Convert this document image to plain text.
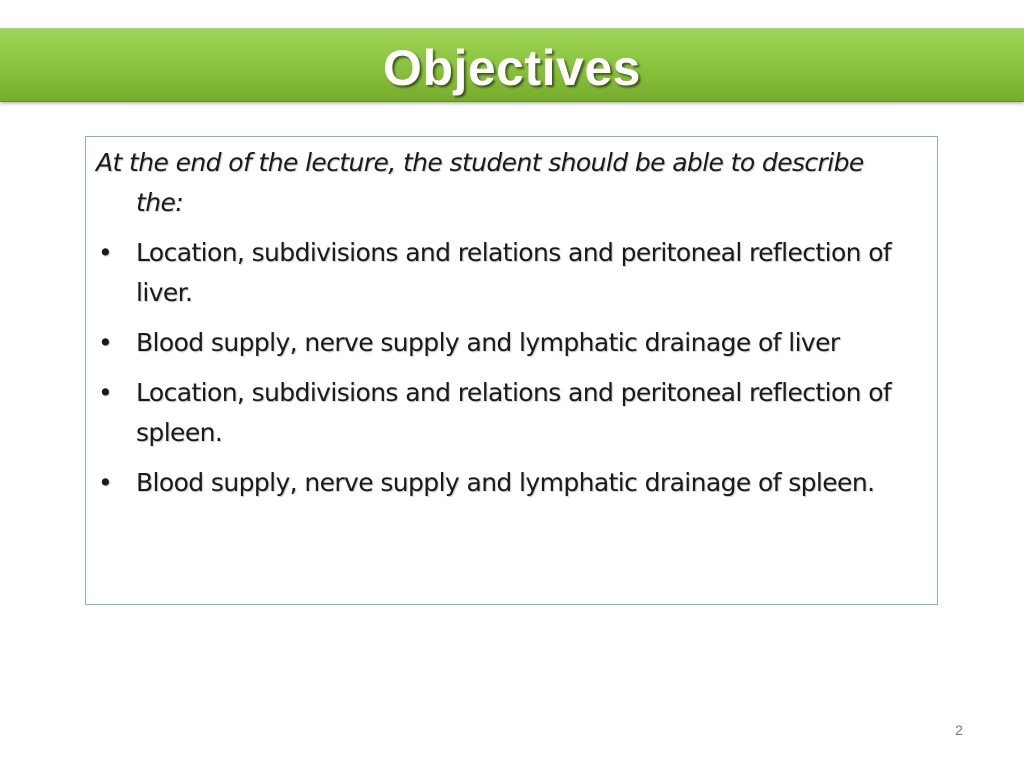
Objectives
At the end of the lecture, the student should be able to describe the:
• Location, subdivisions and relations and peritoneal reflection of liver.
• Blood supply, nerve supply and lymphatic drainage of liver
• Location, subdivisions and relations and peritoneal reflection of spleen.
• Blood supply, nerve supply and lymphatic drainage of spleen.
2
